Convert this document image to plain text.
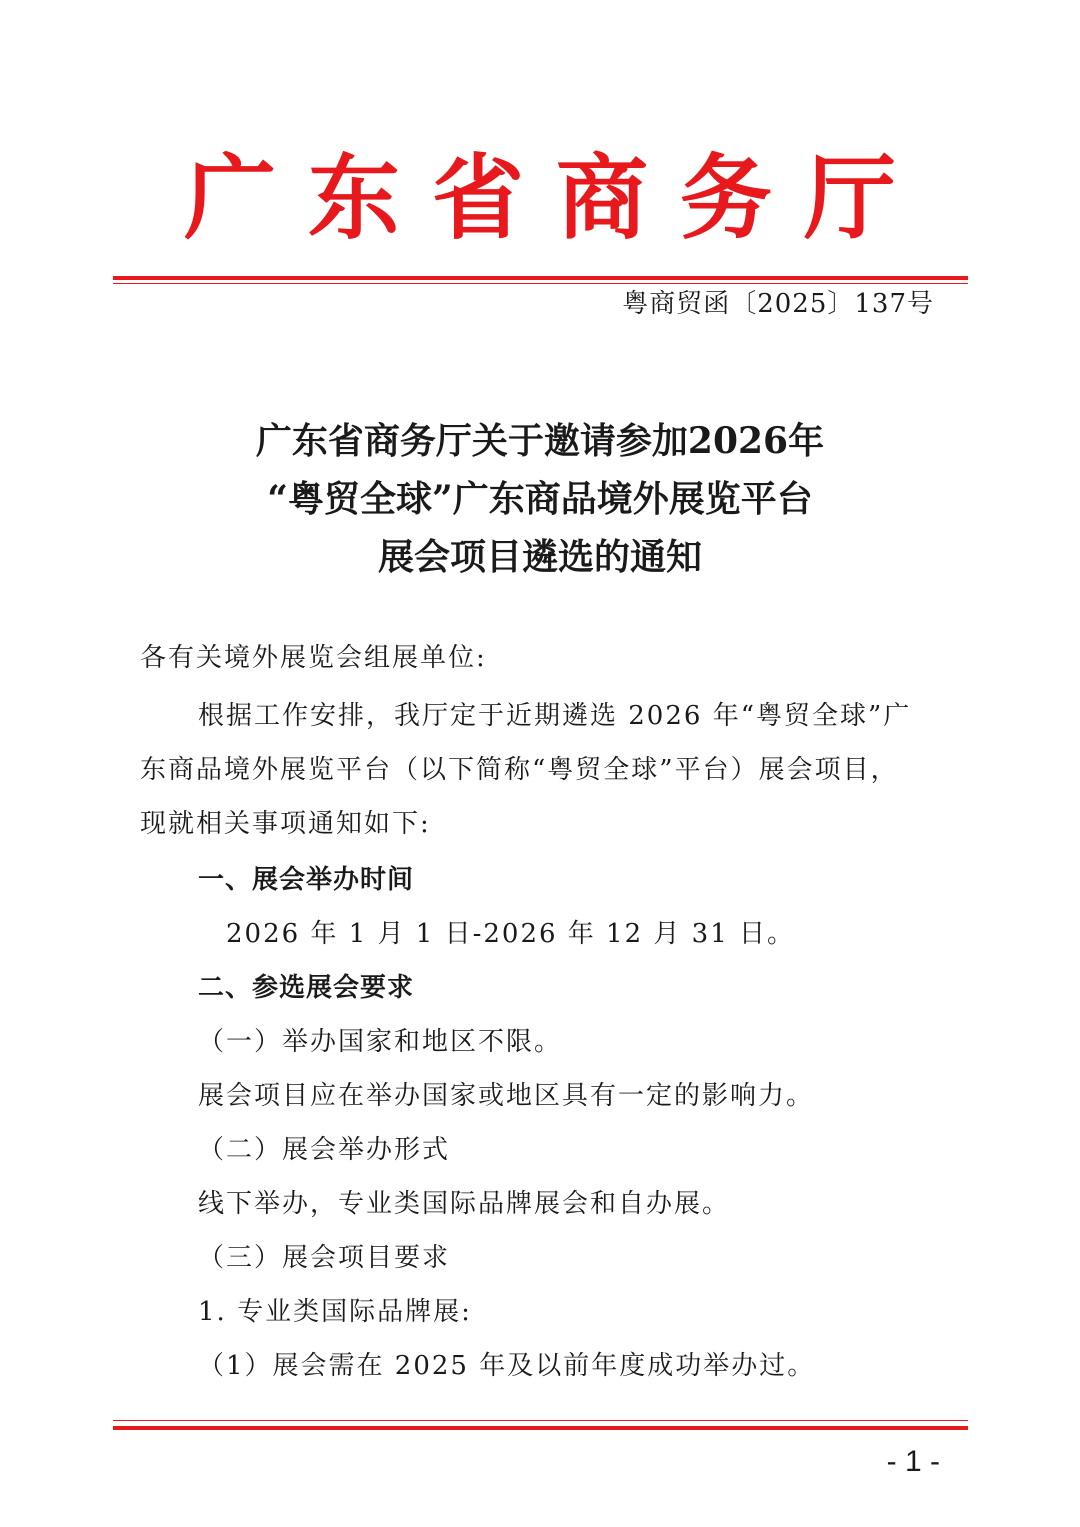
广 东 省 商 务 厅
粤商贸函〔2025〕137号
广东省商务厅关于邀请参加2026年
“粤贸全球”广东商品境外展览平台
展会项目遴选的通知
各有关境外展览会组展单位:
根据工作安排，我厅定于近期遴选 2026 年“粤贸全球”广
东商品境外展览平台（以下简称“粤贸全球”平台）展会项目，
现就相关事项通知如下:
一、展会举办时间
2026 年 1 月 1 日-2026 年 12 月 31 日。
二、参选展会要求
（一）举办国家和地区不限。
展会项目应在举办国家或地区具有一定的影响力。
（二）展会举办形式
线下举办，专业类国际品牌展会和自办展。
（三）展会项目要求
1. 专业类国际品牌展:
（1）展会需在 2025 年及以前年度成功举办过。
- 1 -
